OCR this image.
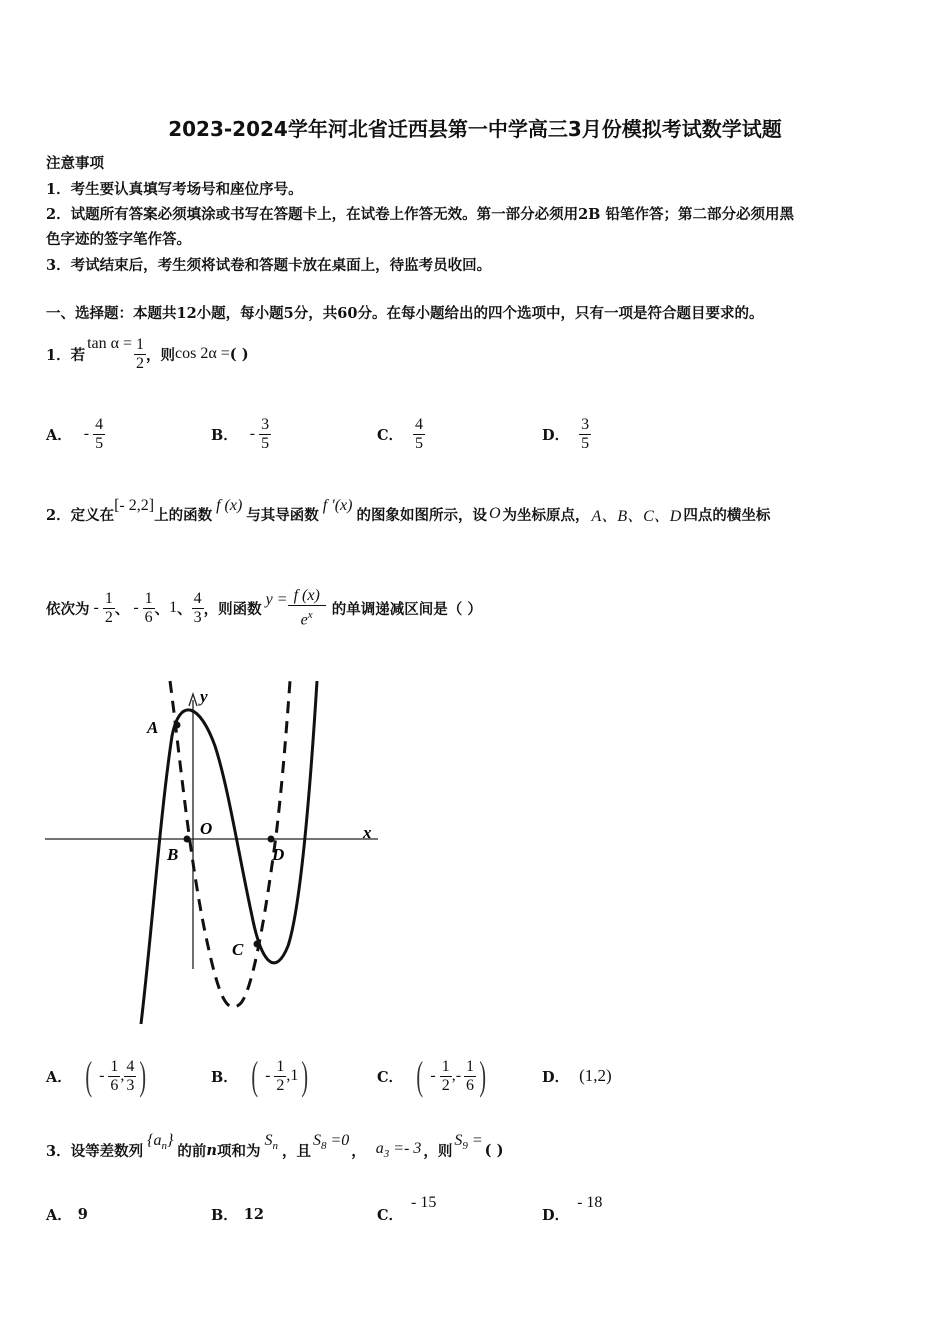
2023-2024学年河北省迁西县第一中学高三3月份模拟考试数学试题
注意事项
1．考生要认真填写考场号和座位序号。
2．试题所有答案必须填涂或书写在答题卡上，在试卷上作答无效。第一部分必须用2B 铅笔作答；第二部分必须用黑
色字迹的签字笔作答。
3．考试结束后，考生须将试卷和答题卡放在桌面上，待监考员收回。
一、选择题：本题共12小题，每小题5分，共60分。在每小题给出的四个选项中，只有一项是符合题目要求的。
1．若
$\tan \alpha = \frac{1}{2}$ ，则 cos 2α = ( )
A． - $\frac{4}{5}$	B． - $\frac{3}{5}$	C． $\frac{4}{5}$	D． $\frac{3}{5}$
2．定义在
[- 2,2]
上的函数
f (x)
与其导函数
f ′(x)
的图象如图所示，设 O 为坐标原点， A、B、C、D 四点的横坐标
依次为 - $\frac{1}{2}$ 、 - $\frac{1}{6}$ 、 1 、 $\frac{4}{3}$ ，则函数
$y = \frac{f (x)}{e^x}$ 的单调递减区间是（ ）
y
x
O
A
B
C
D
A． ( - $\frac{1}{6}$ , $\frac{4}{3}$ )	B． ( - $\frac{1}{2}$ , 1 )	C． ( - $\frac{1}{2}$ , - $\frac{1}{6}$ )	D． (1,2)
3．设等差数列
$\{a_n\}$
的前 n 项和为
$S_n$ ，且
$S_8 =0$
， $a_3 =- 3$ ，则
$S_9$ =
( )
A． 9	B． 12	C．
- 15
D．
- 18
